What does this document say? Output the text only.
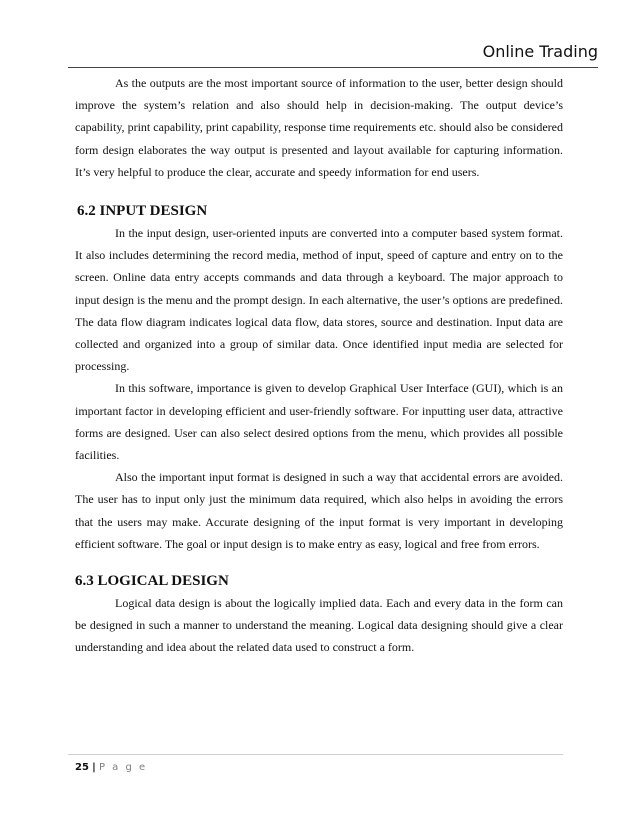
Online Trading

As the outputs are the most important source of information to the user, better design should improve the system’s relation and also should help in decision-making. The output device’s capability, print capability, print capability, response time requirements etc. should also be considered form design elaborates the way output is presented and layout available for capturing information. It’s very helpful to produce the clear, accurate and speedy information for end users.

6.2 INPUT DESIGN

In the input design, user-oriented inputs are converted into a computer based system format. It also includes determining the record media, method of input, speed of capture and entry on to the screen. Online data entry accepts commands and data through a keyboard. The major approach to input design is the menu and the prompt design. In each alternative, the user’s options are predefined. The data flow diagram indicates logical data flow, data stores, source and destination. Input data are collected and organized into a group of similar data. Once identified input media are selected for processing.

In this software, importance is given to develop Graphical User Interface (GUI), which is an important factor in developing efficient and user-friendly software. For inputting user data, attractive forms are designed. User can also select desired options from the menu, which provides all possible facilities.

Also the important input format is designed in such a way that accidental errors are avoided. The user has to input only just the minimum data required, which also helps in avoiding the errors that the users may make. Accurate designing of the input format is very important in developing efficient software. The goal or input design is to make entry as easy, logical and free from errors.

6.3 LOGICAL DESIGN

Logical data design is about the logically implied data. Each and every data in the form can be designed in such a manner to understand the meaning. Logical data designing should give a clear understanding and idea about the related data used to construct a form.

25 | P a g e
